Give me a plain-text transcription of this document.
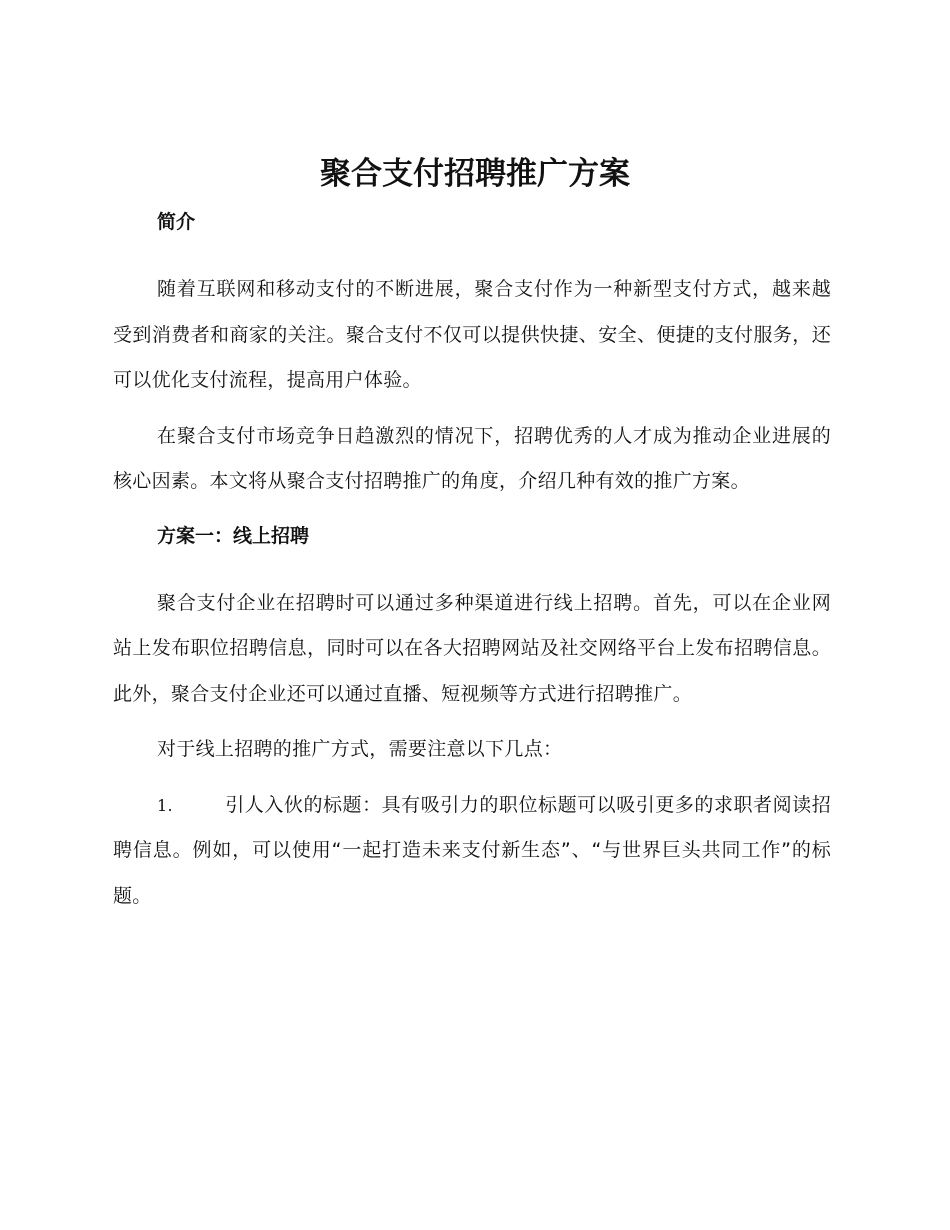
聚合支付招聘推广方案

简介

随着互联网和移动支付的不断进展，聚合支付作为一种新型支付方式，越来越受到消费者和商家的关注。聚合支付不仅可以提供快捷、安全、便捷的支付服务，还可以优化支付流程，提高用户体验。

在聚合支付市场竞争日趋激烈的情况下，招聘优秀的人才成为推动企业进展的核心因素。本文将从聚合支付招聘推广的角度，介绍几种有效的推广方案。

方案一：线上招聘

聚合支付企业在招聘时可以通过多种渠道进行线上招聘。首先，可以在企业网站上发布职位招聘信息，同时可以在各大招聘网站及社交网络平台上发布招聘信息。此外，聚合支付企业还可以通过直播、短视频等方式进行招聘推广。

对于线上招聘的推广方式，需要注意以下几点：

1.	引人入伙的标题：具有吸引力的职位标题可以吸引更多的求职者阅读招聘信息。例如，可以使用“一起打造未来支付新生态”、“与世界巨头共同工作”的标题。
